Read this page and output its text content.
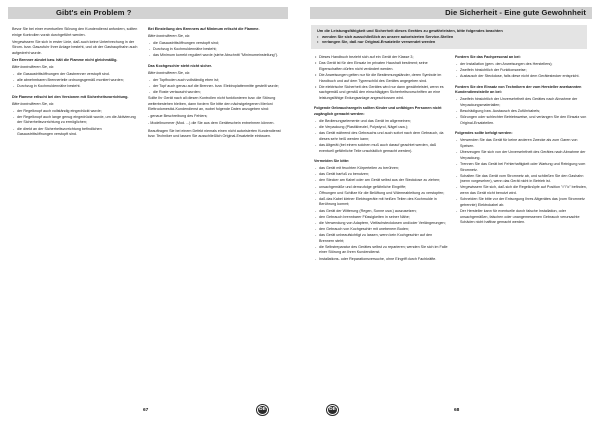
Gibt's ein Problem ?

Bevor Sie bei einer eventuellen Störung den Kundendienst anfordern, sollten einige Kontrollen vorab durchgeführt werden.

Vergewissern Sie sich in erster Linie, daß auch keine Unterbrechung in der Strom- bzw. Gaszufuhr Ihrer Anlage besteht, und ob der Gashaupthahn auch aufgedreht wurde.

Der Brenner zündet bzw. hält die Flamme nicht gleichmäßig.

Bitte kontrollieren Sie, ob:

- die Gasaustrittsöffnungen der Gasbrenner verstopft sind.
- alle abnehmbaren Brennerteile ordnungsgemäß montiert wurden;
- Durchzug in Kochmuldennähe besteht.

Die Flamme erlischt bei den Versionen mit Sicherheitsvorrichtung.

Bitte kontrollieren Sie, ob:

- der Regelknopf auch vollständig eingedrückt wurde;
- der Regelknopf auch lange genug eingedrückt wurde, um die Aktivierung der Sicherheitsvorrichtung zu ermöglichen;
- die direkt an der Sicherheitsvorrichtung befindlichen Gasaustrittsöffnungen verstopft sind.

Bei Einstellung des Brenners auf Minimum erlischt die Flamme.

Bitte kontrollieren Sie, ob:

- die Gasaustrittsöffnungen verstopft sind;
- Durchzug in Kochmuldennähe besteht;
- das Minimum korrekt reguliert wurde (siehe Abschnitt "Minimumeinstellung").

Das Kochgeschirr steht nicht sicher.

Bitte kontrollieren Sie, ob:

- der Topfboden auch vollständig eben ist;
- der Topf auch genau auf die Brenner- bzw. Elektroplattenmitte gestellt wurde;
- die Roste vertauscht wurden;

Sollte Ihr Gerät nach all diesen Kontrollen nicht funktionieren bzw. die Störung weiterbestehen bleiben, dann fordern Sie bitte den nächstgelegenen Merloni Elettrodomestici-Kundendienst an, wobei folgende Daten anzugeben sind:

- genaue Beschreibung des Fehlers;

- Modellnummer (Mod. ...) die Sie aus dem Geräteschein entnehmen können.

Beauftragen Sie bei einem Defekt niemals einen nicht autorisierten Kundendienst bzw. Techniker und lassen Sie ausschließlich Original-Ersatzteile einbauen.

67	DE
Die Sicherheit - Eine gute Gewohnheit
Um die Leistungsfähigkeit und Sicherheit dieses Gerätes zu gewährleisten, bitte folgendes beachten
• wenden Sie sich ausschließlich an unsere autorisierten Service-Stellen
• verlangen Sie, daß nur Original-Ersatzteile verwendet werden
• Dieses Handbuch bezieht sich auf ein Gerät der Klasse 3;
• Das Gerät ist für den Einsatz im privaten Haushalt bestimmt; seine Eigenschaften dürfen nicht verändert werden.
• Die Anweisungen gelten nur für die Bestimmungsländer, deren Symbole im Handbuch und auf dem Typenschild des Gerätes angegeben sind.
• Die elektrische Sicherheit des Gerätes wird nur dann gewährleistet, wenn es sachgemäß und gemäß den einschlägigen Sicherheitsvorschriften an eine leistungsfähige Erdungsanlage angeschlossen wird.

Folgende Gebrauchsregeln sollten Kinder und unfähigen Personen nicht zugänglich gemacht werden:

- die Bedienungselemente und das Gerät im allgemeinen;
- die Verpackung (Plastikbeutel, Polystyrol, Nägel usw.);
- das Gerät während des Gebrauchs und auch sofort nach dem Gebrauch, da dieses sehr heiß werden kann;
- das Altgerät (bei einem solchen muß auch darauf geachtet werden, daß eventuell gefährliche Teile unschädlich gemacht werden).

Vermeiden Sie bitte:

- das Gerät mit feuchten Körperteilen zu berühren;
- das Gerät barfuß zu benutzen;
- den Stecker am Kabel oder am Gerät selbst aus der Steckdose zu ziehen;
- unsachgemäße und demzufolge gefährliche Eingriffe;
- Öffnungen und Schlitze für die Belüftung und Wärmeableitung zu verstopfen;
- daß das Kabel kleiner Elektrogeräte mit heißen Teilen des Kochmulde in Berührung kommt;
- das Gerät der Witterung (Regen, Sonne usw.) auszusetzen;
- den Gebrauch brennbarer Flüssigkeiten in seiner Nähe;
- die Verwendung von Adaptern, Vielfachsteckdosen und/oder Verlängerungen;
- den Gebrauch von Kochgeschirr mit unebenem Boden;
- das Gerät unbeaufsichtigt zu lassen, wenn kein Kochgeschirr auf den Brennern steht;
- die Selbstreparatur des Gerätes selbst zu reparieren; wenden Sie sich im Falle einer Störung an Ihren Kundendienst.
- Installations- oder Reparationsversuche, ohne Eingriff durch Fachkräfte.

Fordern Sie das Fachpersonal an bei:

- der Installation (gem. den Anweisungen des Herstellers);
- Zweifeln hinsichtlich der Funktionsweise;
- Austausch der Steckdose, falls diese nicht dem Gerätestecker entspricht.

Fordern Sie den Einsatz von Technikern der vom Hersteller anerkannten Kundendienststelle an bei:

- Zweifeln hinsichtlich der Unversehrtheit des Gerätes nach Abnahme der Verpackungsmaterialien;
- Beschädigung bzw. Austausch des Zuführkabels;
- Störungen oder schlechter Betriebsweise, und verlangen Sie den Einsatz von Original-Ersatzteilen.

Folgendes sollte befolgt werden:

- Verwenden Sie das Gerät für keine anderen Zwecke als zum Garen von Speisen.
- Überzeugen Sie sich von der Unversehrtheit des Gerätes nach Abnahme der Verpackung.
- Trennen Sie das Gerät bei Fehlerhaftigkeit oder Wartung und Reinigung vom Stromnetz.
- Schalten Sie das Gerät vom Stromnetz ab, und schließen Sie den Gashahn (wenn vorgesehen), wenn das Gerät nicht in Betrieb ist.
- Vergewissern Sie sich, daß sich die Regelknöpfe auf Position "•"/"o" befinden, wenn das Gerät nicht benutzt wird.
- Schneiden Sie bitte vor der Entsorgung Ihres Altgerätes das (vom Stromnetz getrennte) Elektrokabel ab.
- Der Hersteller kann für eventuelle durch falsche Installation, oder unsachgemäßen, falschen oder unangemessenen Gebrauch verursachte Schäden nicht haftbar gemacht werden.
DE	68
